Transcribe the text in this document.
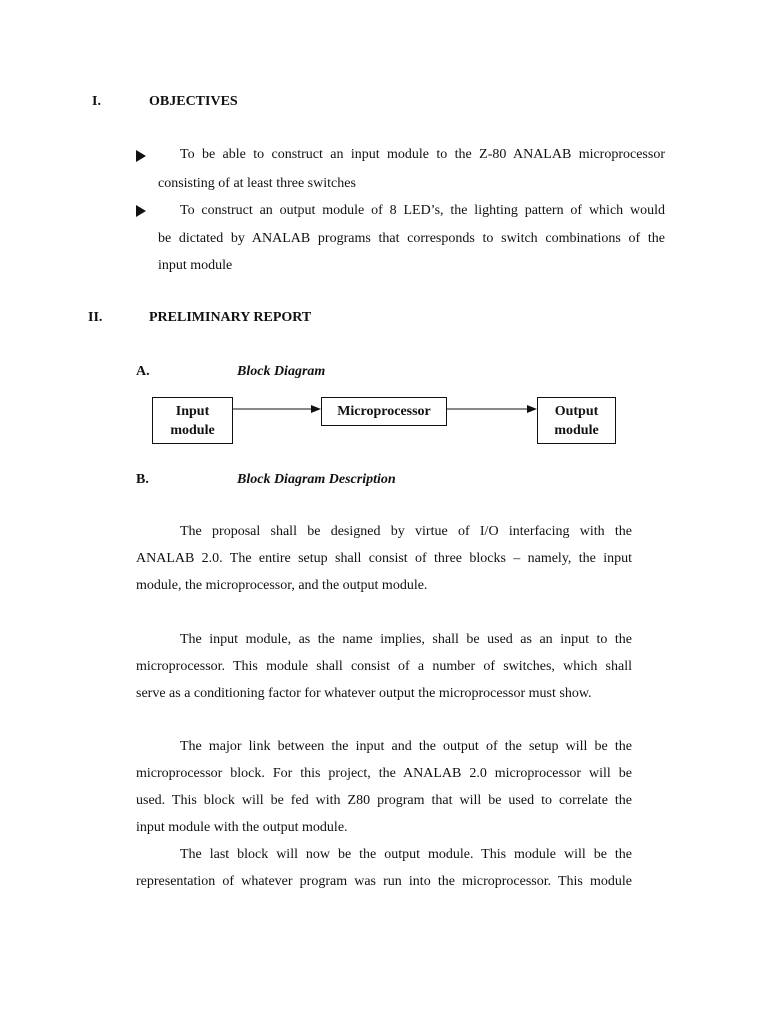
I.	OBJECTIVES
To be able to construct an input module to the Z-80 ANALAB microprocessor
consisting of at least three switches
To construct an output module of 8 LED’s, the lighting pattern of which would
be dictated by ANALAB programs that corresponds to switch combinations of the
input module
II.	PRELIMINARY REPORT
A.	Block Diagram
Input
module
Microprocessor	Output
module
B.	Block Diagram Description
The proposal shall be designed by virtue of I/O interfacing with the
ANALAB 2.0. The entire setup shall consist of three blocks – namely, the input
module, the microprocessor, and the output module.
The input module, as the name implies, shall be used as an input to the
microprocessor. This module shall consist of a number of switches, which shall
serve as a conditioning factor for whatever output the microprocessor must show.
The major link between the input and the output of the setup will be the
microprocessor block. For this project, the ANALAB 2.0 microprocessor will be
used. This block will be fed with Z80 program that will be used to correlate the
input module with the output module.
The last block will now be the output module. This module will be the
representation of whatever program was run into the microprocessor. This module
